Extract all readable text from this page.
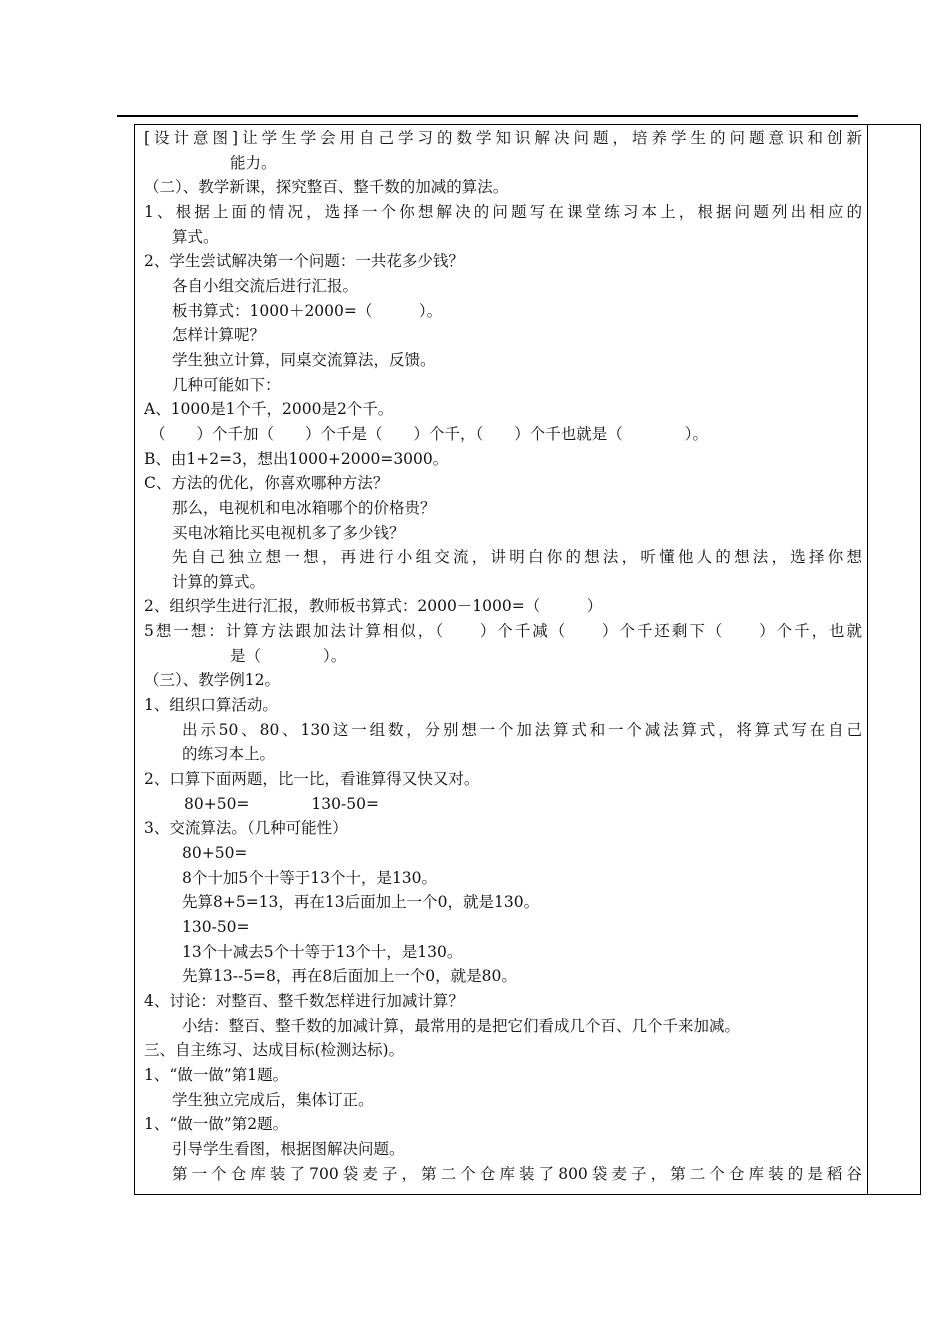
[设计意图]让学生学会用自己学习的数学知识解决问题，培养学生的问题意识和创新
能力。
（二）、教学新课，探究整百、整千数的加减的算法。
1、根据上面的情况，选择一个你想解决的问题写在课堂练习本上，根据问题列出相应的
算式。
2、学生尝试解决第一个问题：一共花多少钱？
各自小组交流后进行汇报。
板书算式：1000＋2000=（　　　）。
怎样计算呢？
学生独立计算，同桌交流算法，反馈。
几种可能如下：
A、1000是1个千，2000是2个千。
（　　）个千加（　　）个千是（　　）个千，（　　）个千也就是（　　　　）。
B、由1+2=3，想出1000+2000=3000。
C、方法的优化，你喜欢哪种方法？
那么，电视机和电冰箱哪个的价格贵？
买电冰箱比买电视机多了多少钱？
先自己独立想一想，再进行小组交流，讲明白你的想法，听懂他人的想法，选择你想
计算的算式。
2、组织学生进行汇报，教师板书算式：2000－1000=（　　　）
5想一想：计算方法跟加法计算相似，（　　）个千减（　　）个千还剩下（　　）个千，也就
是（　　　　）。
（三）、教学例12。
1、组织口算活动。
出示50、80、130这一组数，分别想一个加法算式和一个减法算式，将算式写在自己
的练习本上。
2、口算下面两题，比一比，看谁算得又快又对。
80+50=　　　　130-50=
3、交流算法。（几种可能性）
80+50=
8个十加5个十等于13个十，是130。
先算8+5=13，再在13后面加上一个0，就是130。
130-50=
13个十减去5个十等于13个十，是130。
先算13--5=8，再在8后面加上一个0，就是80。
4、讨论：对整百、整千数怎样进行加减计算？
小结：整百、整千数的加减计算，最常用的是把它们看成几个百、几个千来加减。
三、自主练习、达成目标(检测达标)。
1、“做一做”第1题。
学生独立完成后，集体订正。
1、“做一做”第2题。
引导学生看图，根据图解决问题。
第一个仓库装了700袋麦子，第二个仓库装了800袋麦子，第二个仓库装的是稻谷
